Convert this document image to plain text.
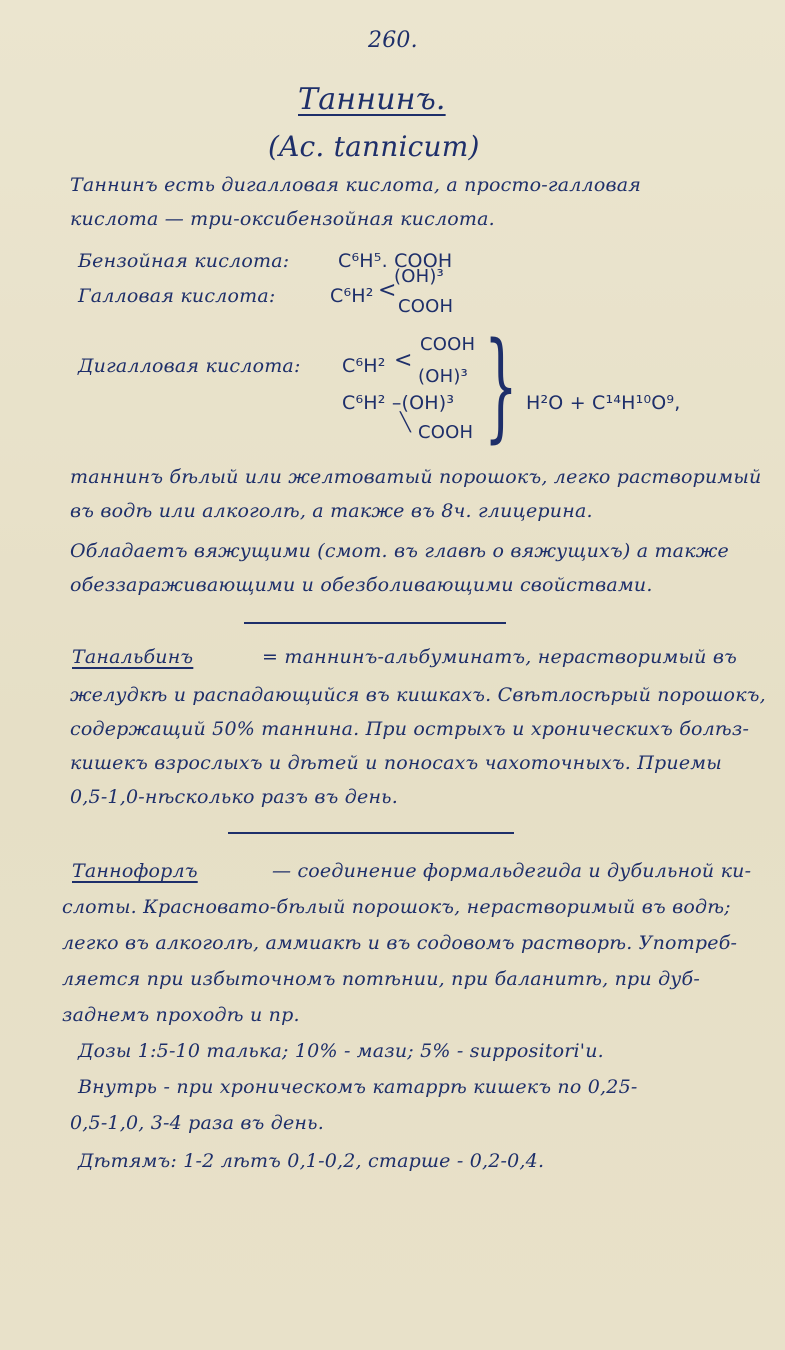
260.
Таннинъ.
(Ac. tannicum)
Таннинъ есть дигалловая кислота, а просто-галловая
кислота — три-оксибензойная кислота.
Бензойная кислота:	C⁶H⁵. COOH
Галловая кислота:	C⁶H² <
(OH)³
COOH
Дигалловая кислота:
COOH
C⁶H² <
(OH)³
C⁶H² –(OH)³
╲ COOH } H²O + C¹⁴H¹⁰O⁹,
таннинъ бѣлый или желтоватый порошокъ, легко растворимый
въ водѣ или алкоголѣ, а также въ 8ч. глицерина.
Обладаетъ вяжущими (смот. въ главѣ о вяжущихъ) а также
обеззараживающими и обезболивающими свойствами.
Танальбинъ	= таннинъ-альбуминатъ, нерастворимый въ
желудкѣ и распадающийся въ кишкахъ. Свѣтлосѣрый порошокъ,
содержащий 50% таннина. При острыхъ и хроническихъ болѣз-
кишекъ взрослыхъ и дѣтей и поносахъ чахоточныхъ. Приемы
0,5-1,0-нѣсколько разъ въ день.
Таннофорлъ	— соединение формальдегида и дубильной ки-
слоты. Красновато-бѣлый порошокъ, нерастворимый въ водѣ;
легко въ алкоголѣ, аммиакѣ и въ содовомъ растворѣ. Употреб-
ляется при избыточномъ потѣнии, при баланитѣ, при дуб-
заднемъ проходѣ и пр.
Дозы 1:5-10 талька; 10% - мази; 5% - suppositori'и.
Внутрь - при хроническомъ катаррѣ кишекъ по 0,25-
0,5-1,0, 3-4 раза въ день.
Дѣтямъ: 1-2 лѣтъ 0,1-0,2, старше - 0,2-0,4.
